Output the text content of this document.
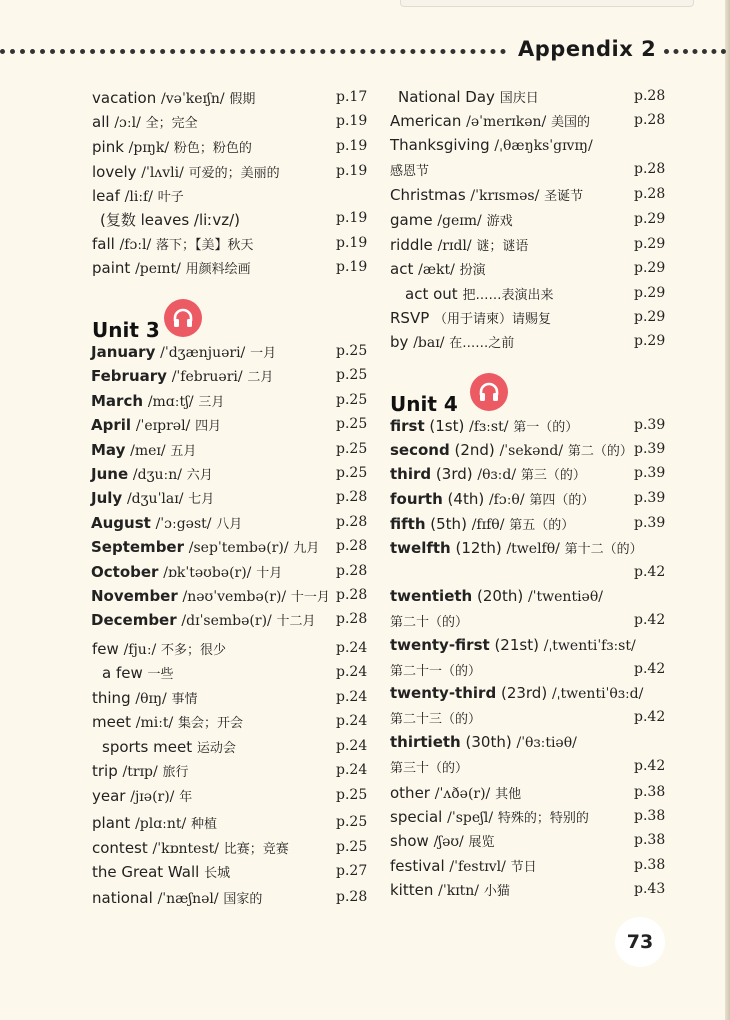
Appendix 2
vacation /vəˈkeɪʃn/ 假期	p.17
all /ɔːl/ 全；完全	p.19
pink /pɪŋk/ 粉色；粉色的	p.19
lovely /ˈlʌvli/ 可爱的；美丽的	p.19
leaf /liːf/ 叶子
(复数 leaves /liːvz/)	p.19
fall /fɔːl/ 落下；【美】秋天	p.19
paint /peɪnt/ 用颜料绘画	p.19
January /ˈdʒænjuəri/ 一月	p.25
February /ˈfebruəri/ 二月	p.25
March /mɑːtʃ/ 三月	p.25
April /ˈeɪprəl/ 四月	p.25
May /meɪ/ 五月	p.25
June /dʒuːn/ 六月	p.25
July /dʒuˈlaɪ/ 七月	p.28
August /ˈɔːgəst/ 八月	p.28
September /sepˈtembə(r)/ 九月 p.28
October /ɒkˈtəʊbə(r)/ 十月	p.28
November /nəʊˈvembə(r)/ 十一月 p.28
December /dɪˈsembə(r)/ 十二月 p.28
few /fjuː/ 不多；很少	p.24
a few 一些	p.24
thing /θɪŋ/ 事情	p.24
meet /miːt/ 集会；开会	p.24
sports meet 运动会	p.24
trip /trɪp/ 旅行	p.24
year /jɪə(r)/ 年	p.25
plant /plɑːnt/ 种植	p.25
contest /ˈkɒntest/ 比赛；竞赛	p.25
the Great Wall 长城	p.27
national /ˈnæʃnəl/ 国家的	p.28
National Day 国庆日	p.28
American /əˈmerɪkən/ 美国的	p.28
Thanksgiving /ˌθæŋksˈgɪvɪŋ/
感恩节	p.28
Christmas /ˈkrɪsməs/ 圣诞节	p.28
game /geɪm/ 游戏	p.29
riddle /rɪdl/ 谜；谜语	p.29
act /ækt/ 扮演	p.29
act out 把……表演出来	p.29
RSVP （用于请柬）请赐复	p.29
by /baɪ/ 在……之前	p.29
first (1st) /fɜːst/ 第一（的）	p.39
second (2nd) /ˈsekənd/ 第二（的） p.39
third (3rd) /θɜːd/ 第三（的）	p.39
fourth (4th) /fɔːθ/ 第四（的）	p.39
fifth (5th) /fɪfθ/ 第五（的）	p.39
twelfth (12th) /twelfθ/ 第十二（的）
p.42
twentieth (20th) /ˈtwentiəθ/
第二十（的）	p.42
twenty-first (21st) /ˌtwentiˈfɜːst/
第二十一（的）	p.42
twenty-third (23rd) /ˌtwentiˈθɜːd/
第二十三（的）	p.42
thirtieth (30th) /ˈθɜːtiəθ/
第三十（的）	p.42
other /ˈʌðə(r)/ 其他	p.38
special /ˈspeʃl/ 特殊的；特别的	p.38
show /ʃəʊ/ 展览	p.38
festival /ˈfestɪvl/ 节日	p.38
kitten /ˈkɪtn/ 小猫	p.43
Unit 3
Unit 4
73
